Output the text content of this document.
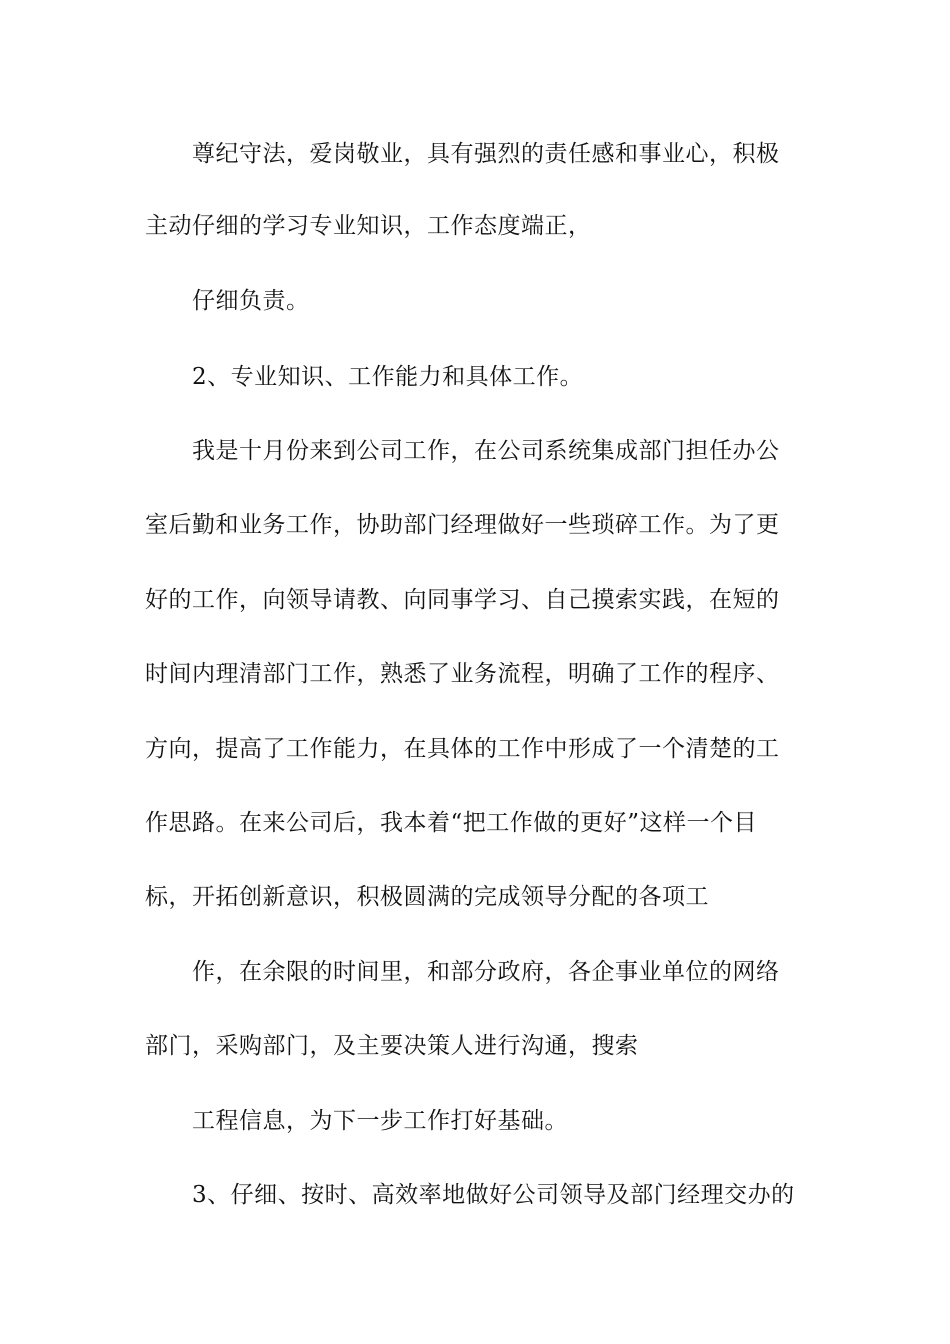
尊纪守法，爱岗敬业，具有强烈的责任感和事业心，积极

主动仔细的学习专业知识，工作态度端正，

仔细负责。

2、专业知识、工作能力和具体工作。

我是十月份来到公司工作，在公司系统集成部门担任办公

室后勤和业务工作，协助部门经理做好一些琐碎工作。为了更

好的工作，向领导请教、向同事学习、自己摸索实践，在短的

时间内理清部门工作，熟悉了业务流程，明确了工作的程序、

方向，提高了工作能力，在具体的工作中形成了一个清楚的工

作思路。在来公司后，我本着“把工作做的更好”这样一个目

标，开拓创新意识，积极圆满的完成领导分配的各项工

作，在余限的时间里，和部分政府，各企事业单位的网络

部门，采购部门，及主要决策人进行沟通，搜索

工程信息，为下一步工作打好基础。

3、仔细、按时、高效率地做好公司领导及部门经理交办的
